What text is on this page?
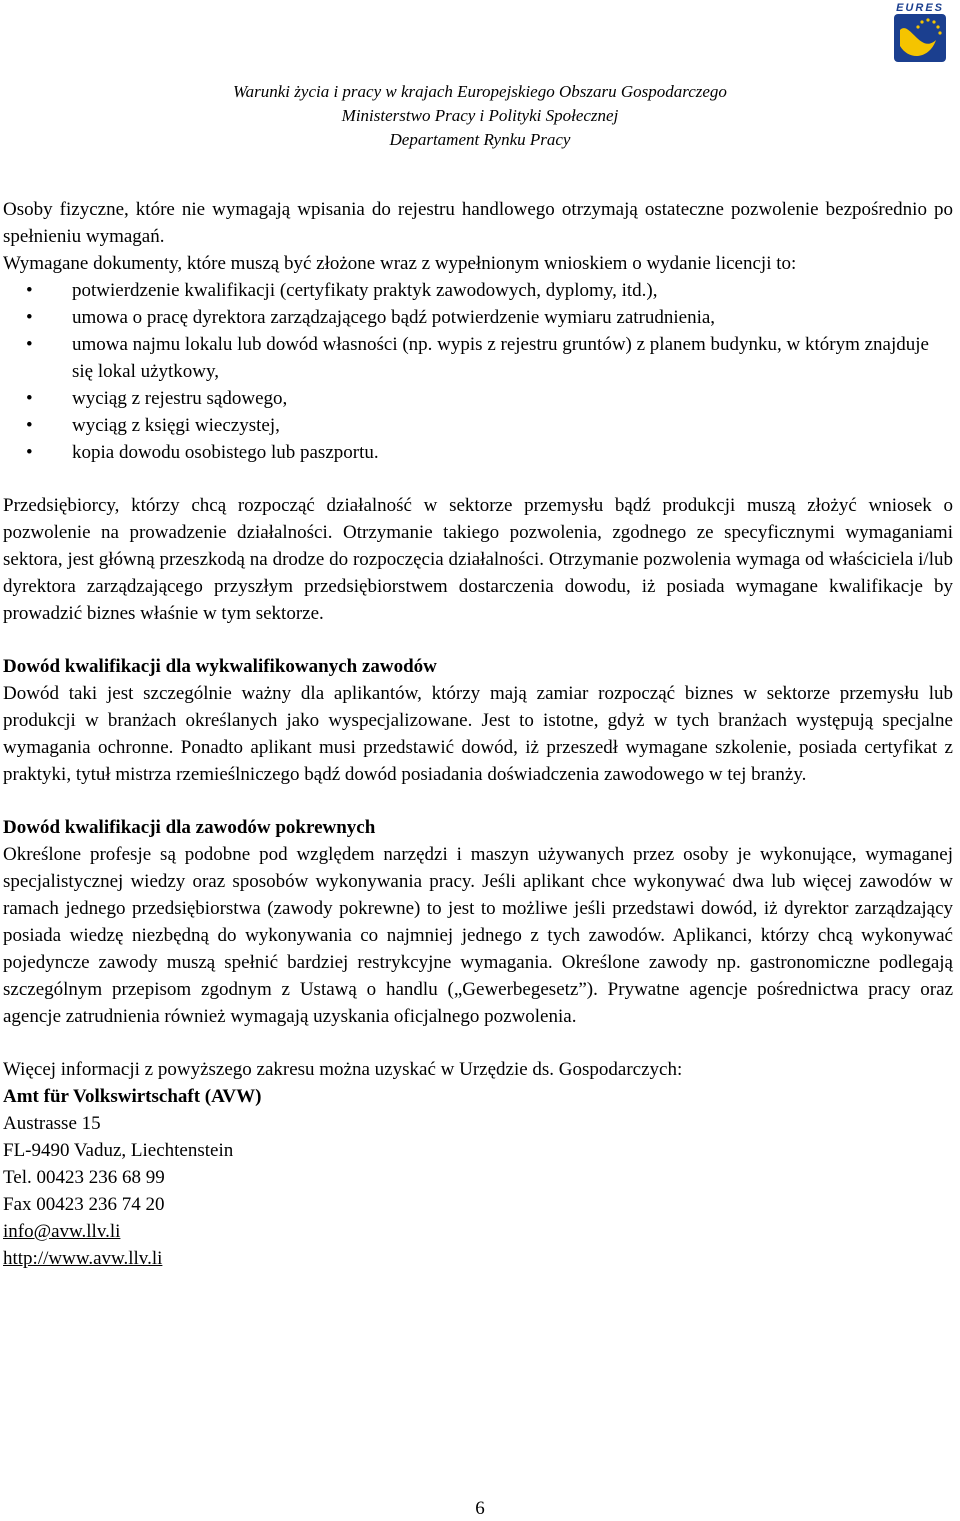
EURES
Warunki życia i pracy w krajach Europejskiego Obszaru Gospodarczego
Ministerstwo Pracy i Polityki Społecznej
Departament Rynku Pracy

Osoby fizyczne, które nie wymagają wpisania do rejestru handlowego otrzymają ostateczne pozwolenie bezpośrednio po spełnieniu wymagań.

Wymagane dokumenty, które muszą być złożone wraz z wypełnionym wnioskiem o wydanie licencji to:

• potwierdzenie kwalifikacji (certyfikaty praktyk zawodowych, dyplomy, itd.),
• umowa o pracę dyrektora zarządzającego bądź potwierdzenie wymiaru zatrudnienia,
• umowa najmu lokalu lub dowód własności (np. wypis z rejestru gruntów) z planem budynku, w którym znajduje się lokal użytkowy,
• wyciąg z rejestru sądowego,
• wyciąg z księgi wieczystej,
• kopia dowodu osobistego lub paszportu.

Przedsiębiorcy, którzy chcą rozpocząć działalność w sektorze przemysłu bądź produkcji muszą złożyć wniosek o pozwolenie na prowadzenie działalności. Otrzymanie takiego pozwolenia, zgodnego ze specyficznymi wymaganiami sektora, jest główną przeszkodą na drodze do rozpoczęcia działalności. Otrzymanie pozwolenia wymaga od właściciela i/lub dyrektora zarządzającego przyszłym przedsiębiorstwem dostarczenia dowodu, iż posiada wymagane kwalifikacje by prowadzić biznes właśnie w tym sektorze.

Dowód kwalifikacji dla wykwalifikowanych zawodów

Dowód taki jest szczególnie ważny dla aplikantów, którzy mają zamiar rozpocząć biznes w sektorze przemysłu lub produkcji w branżach określanych jako wyspecjalizowane. Jest to istotne, gdyż w tych branżach występują specjalne wymagania ochronne. Ponadto aplikant musi przedstawić dowód, iż przeszedł wymagane szkolenie, posiada certyfikat z praktyki, tytuł mistrza rzemieślniczego bądź dowód posiadania doświadczenia zawodowego w tej branży.

Dowód kwalifikacji dla zawodów pokrewnych

Określone profesje są podobne pod względem narzędzi i maszyn używanych przez osoby je wykonujące, wymaganej specjalistycznej wiedzy oraz sposobów wykonywania pracy. Jeśli aplikant chce wykonywać dwa lub więcej zawodów w ramach jednego przedsiębiorstwa (zawody pokrewne) to jest to możliwe jeśli przedstawi dowód, iż dyrektor zarządzający posiada wiedzę niezbędną do wykonywania co najmniej jednego z tych zawodów. Aplikanci, którzy chcą wykonywać pojedyncze zawody muszą spełnić bardziej restrykcyjne wymagania. Określone zawody np. gastronomiczne podlegają szczególnym przepisom zgodnym z Ustawą o handlu („Gewerbegesetz”). Prywatne agencje pośrednictwa pracy oraz agencje zatrudnienia również wymagają uzyskania oficjalnego pozwolenia.

Więcej informacji z powyższego zakresu można uzyskać w Urzędzie ds. Gospodarczych:

Amt für Volkswirtschaft (AVW)

Austrasse 15

FL-9490 Vaduz, Liechtenstein

Tel. 00423 236 68 99

Fax 00423 236 74 20

info@avw.llv.li

http://www.avw.llv.li

6
